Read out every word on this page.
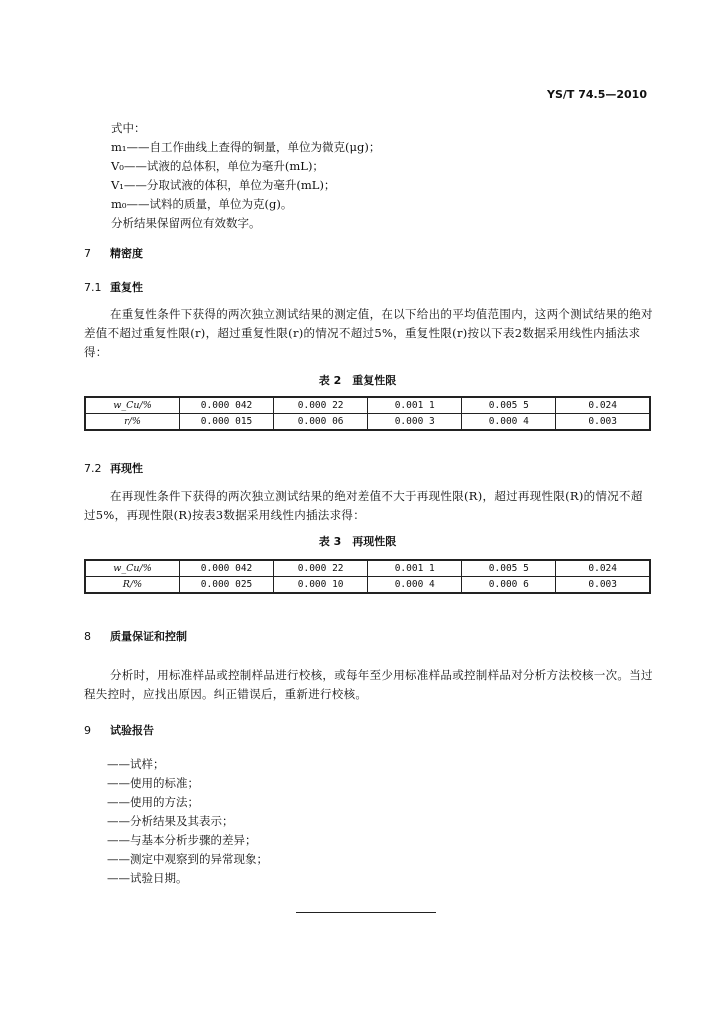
YS/T 74.5—2010
式中：
m₁——自工作曲线上查得的铜量，单位为微克(μg)；
V₀——试液的总体积，单位为毫升(mL)；
V₁——分取试液的体积，单位为毫升(mL)；
m₀——试料的质量，单位为克(g)。
分析结果保留两位有效数字。
7 精密度
7.1 重复性
在重复性条件下获得的两次独立测试结果的测定值，在以下给出的平均值范围内，这两个测试结果的绝对差值不超过重复性限(r)，超过重复性限(r)的情况不超过5%，重复性限(r)按以下表2数据采用线性内插法求得：
表 2　重复性限
w_Cu/%	0.000 042	0.000 22	0.001 1	0.005 5	0.024
r/%	0.000 015	0.000 06	0.000 3	0.000 4	0.003
7.2 再现性
在再现性条件下获得的两次独立测试结果的绝对差值不大于再现性限(R)，超过再现性限(R)的情况不超过5%，再现性限(R)按表3数据采用线性内插法求得：
表 3　再现性限
w_Cu/%	0.000 042	0.000 22	0.001 1	0.005 5	0.024
R/%	0.000 025	0.000 10	0.000 4	0.000 6	0.003
8 质量保证和控制
分析时，用标准样品或控制样品进行校核，或每年至少用标准样品或控制样品对分析方法校核一次。当过程失控时，应找出原因。纠正错误后，重新进行校核。
9 试验报告
——试样；
——使用的标准；
——使用的方法；
——分析结果及其表示；
——与基本分析步骤的差异；
——测定中观察到的异常现象；
——试验日期。
